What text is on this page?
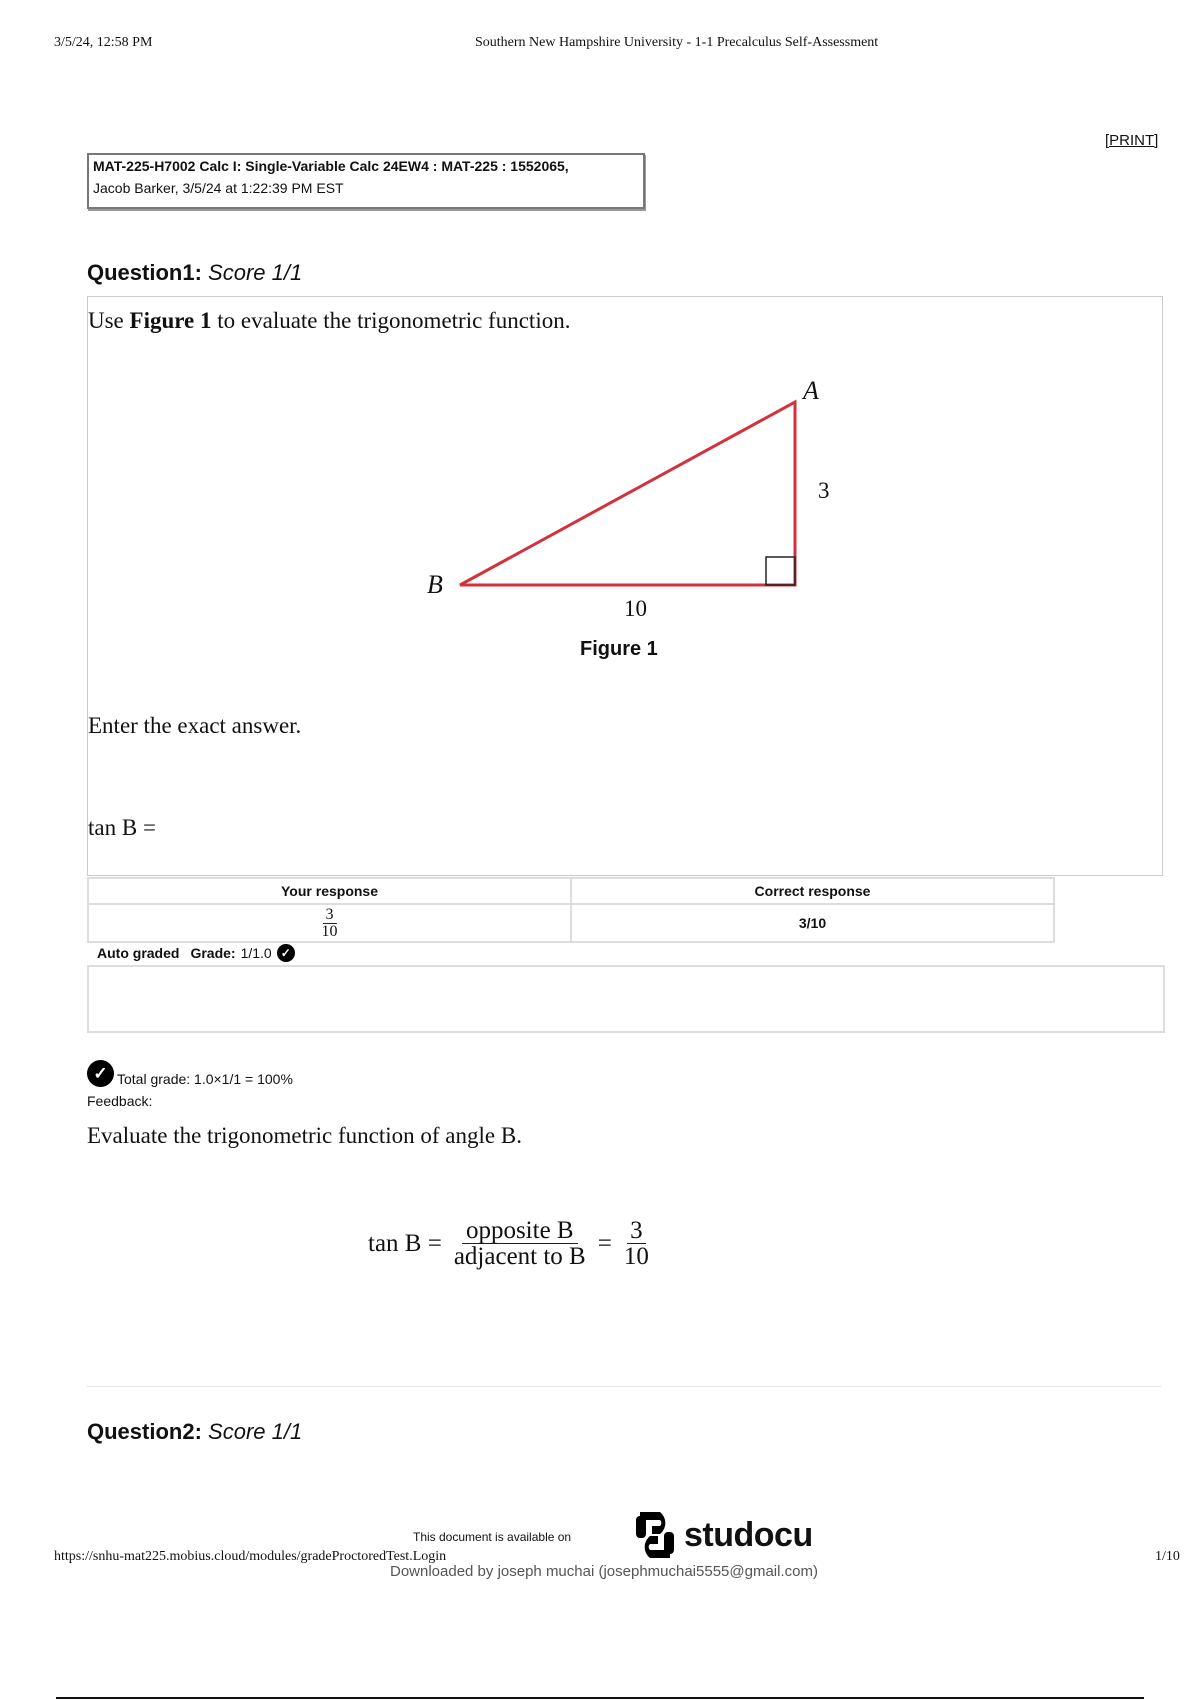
3/5/24, 12:58 PM	Southern New Hampshire University - 1-1 Precalculus Self-Assessment
[PRINT]
MAT-225-H7002 Calc I: Single-Variable Calc 24EW4 : MAT-225 : 1552065,
Jacob Barker, 3/5/24 at 1:22:39 PM EST
Question1: Score 1/1
Use Figure 1 to evaluate the trigonometric function.
A
B
3
10
Figure 1
Enter the exact answer.
tan B =
Your response	Correct response

$\frac{3}{10}$	3/10
Auto graded Grade: 1/1.0 ✓
✓ Total grade: 1.0×1/1 = 100%
Feedback:
Evaluate the trigonometric function of angle B.
$\tan B = \frac{\text{opposite B}}{\text{adjacent to B}} = \frac{3}{10}$
Question2: Score 1/1
This document is available on	studocu
https://snhu-mat225.mobius.cloud/modules/gradeProctoredTest.Login	1/10
Downloaded by joseph muchai (josephmuchai5555@gmail.com)
